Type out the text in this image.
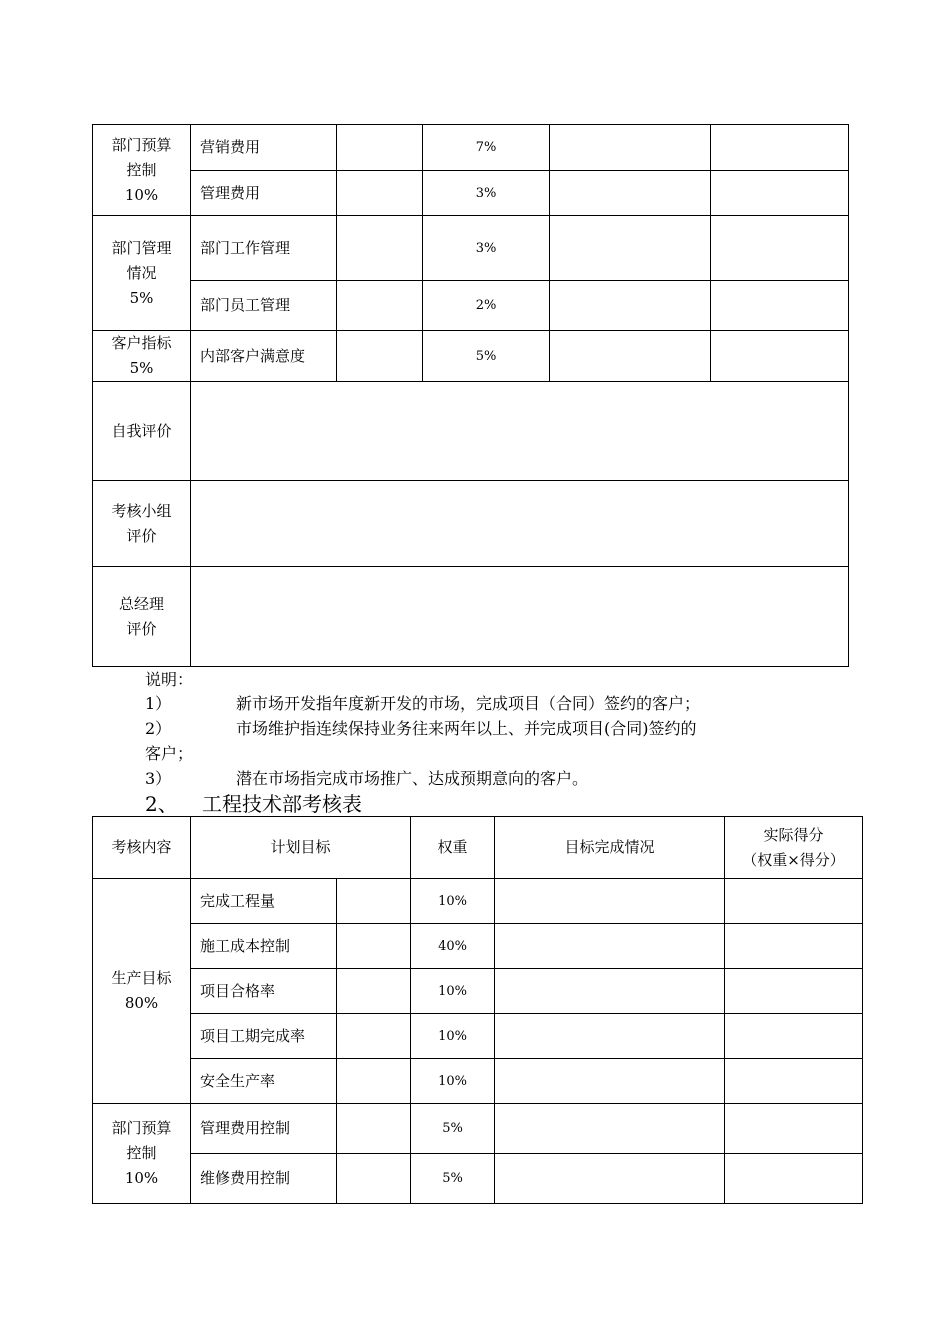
部门预算
控制
10%	营销费用		7%		
	管理费用		3%		

部门管理
情况
5%	部门工作管理		3%		
	部门员工管理		2%		

客户指标
5%	内部客户满意度		5%		

自我评价					

考核小组
评价					

总经理
评价					

说明：
1）	新市场开发指年度新开发的市场，完成项目（合同）签约的客户；
2）	市场维护指连续保持业务往来两年以上、并完成项目(合同)签约的
客户；
3）	潜在市场指完成市场推广、达成预期意向的客户。
2、 工程技术部考核表
考核内容	计划目标		权重	目标完成情况	实际得分
（权重×得分）

生产目标
80%	完成工程量		10%		
	施工成本控制		40%		
	项目合格率		10%		
	项目工期完成率		10%		
	安全生产率		10%		

部门预算
控制
10%	管理费用控制		5%		
	维修费用控制		5%		
